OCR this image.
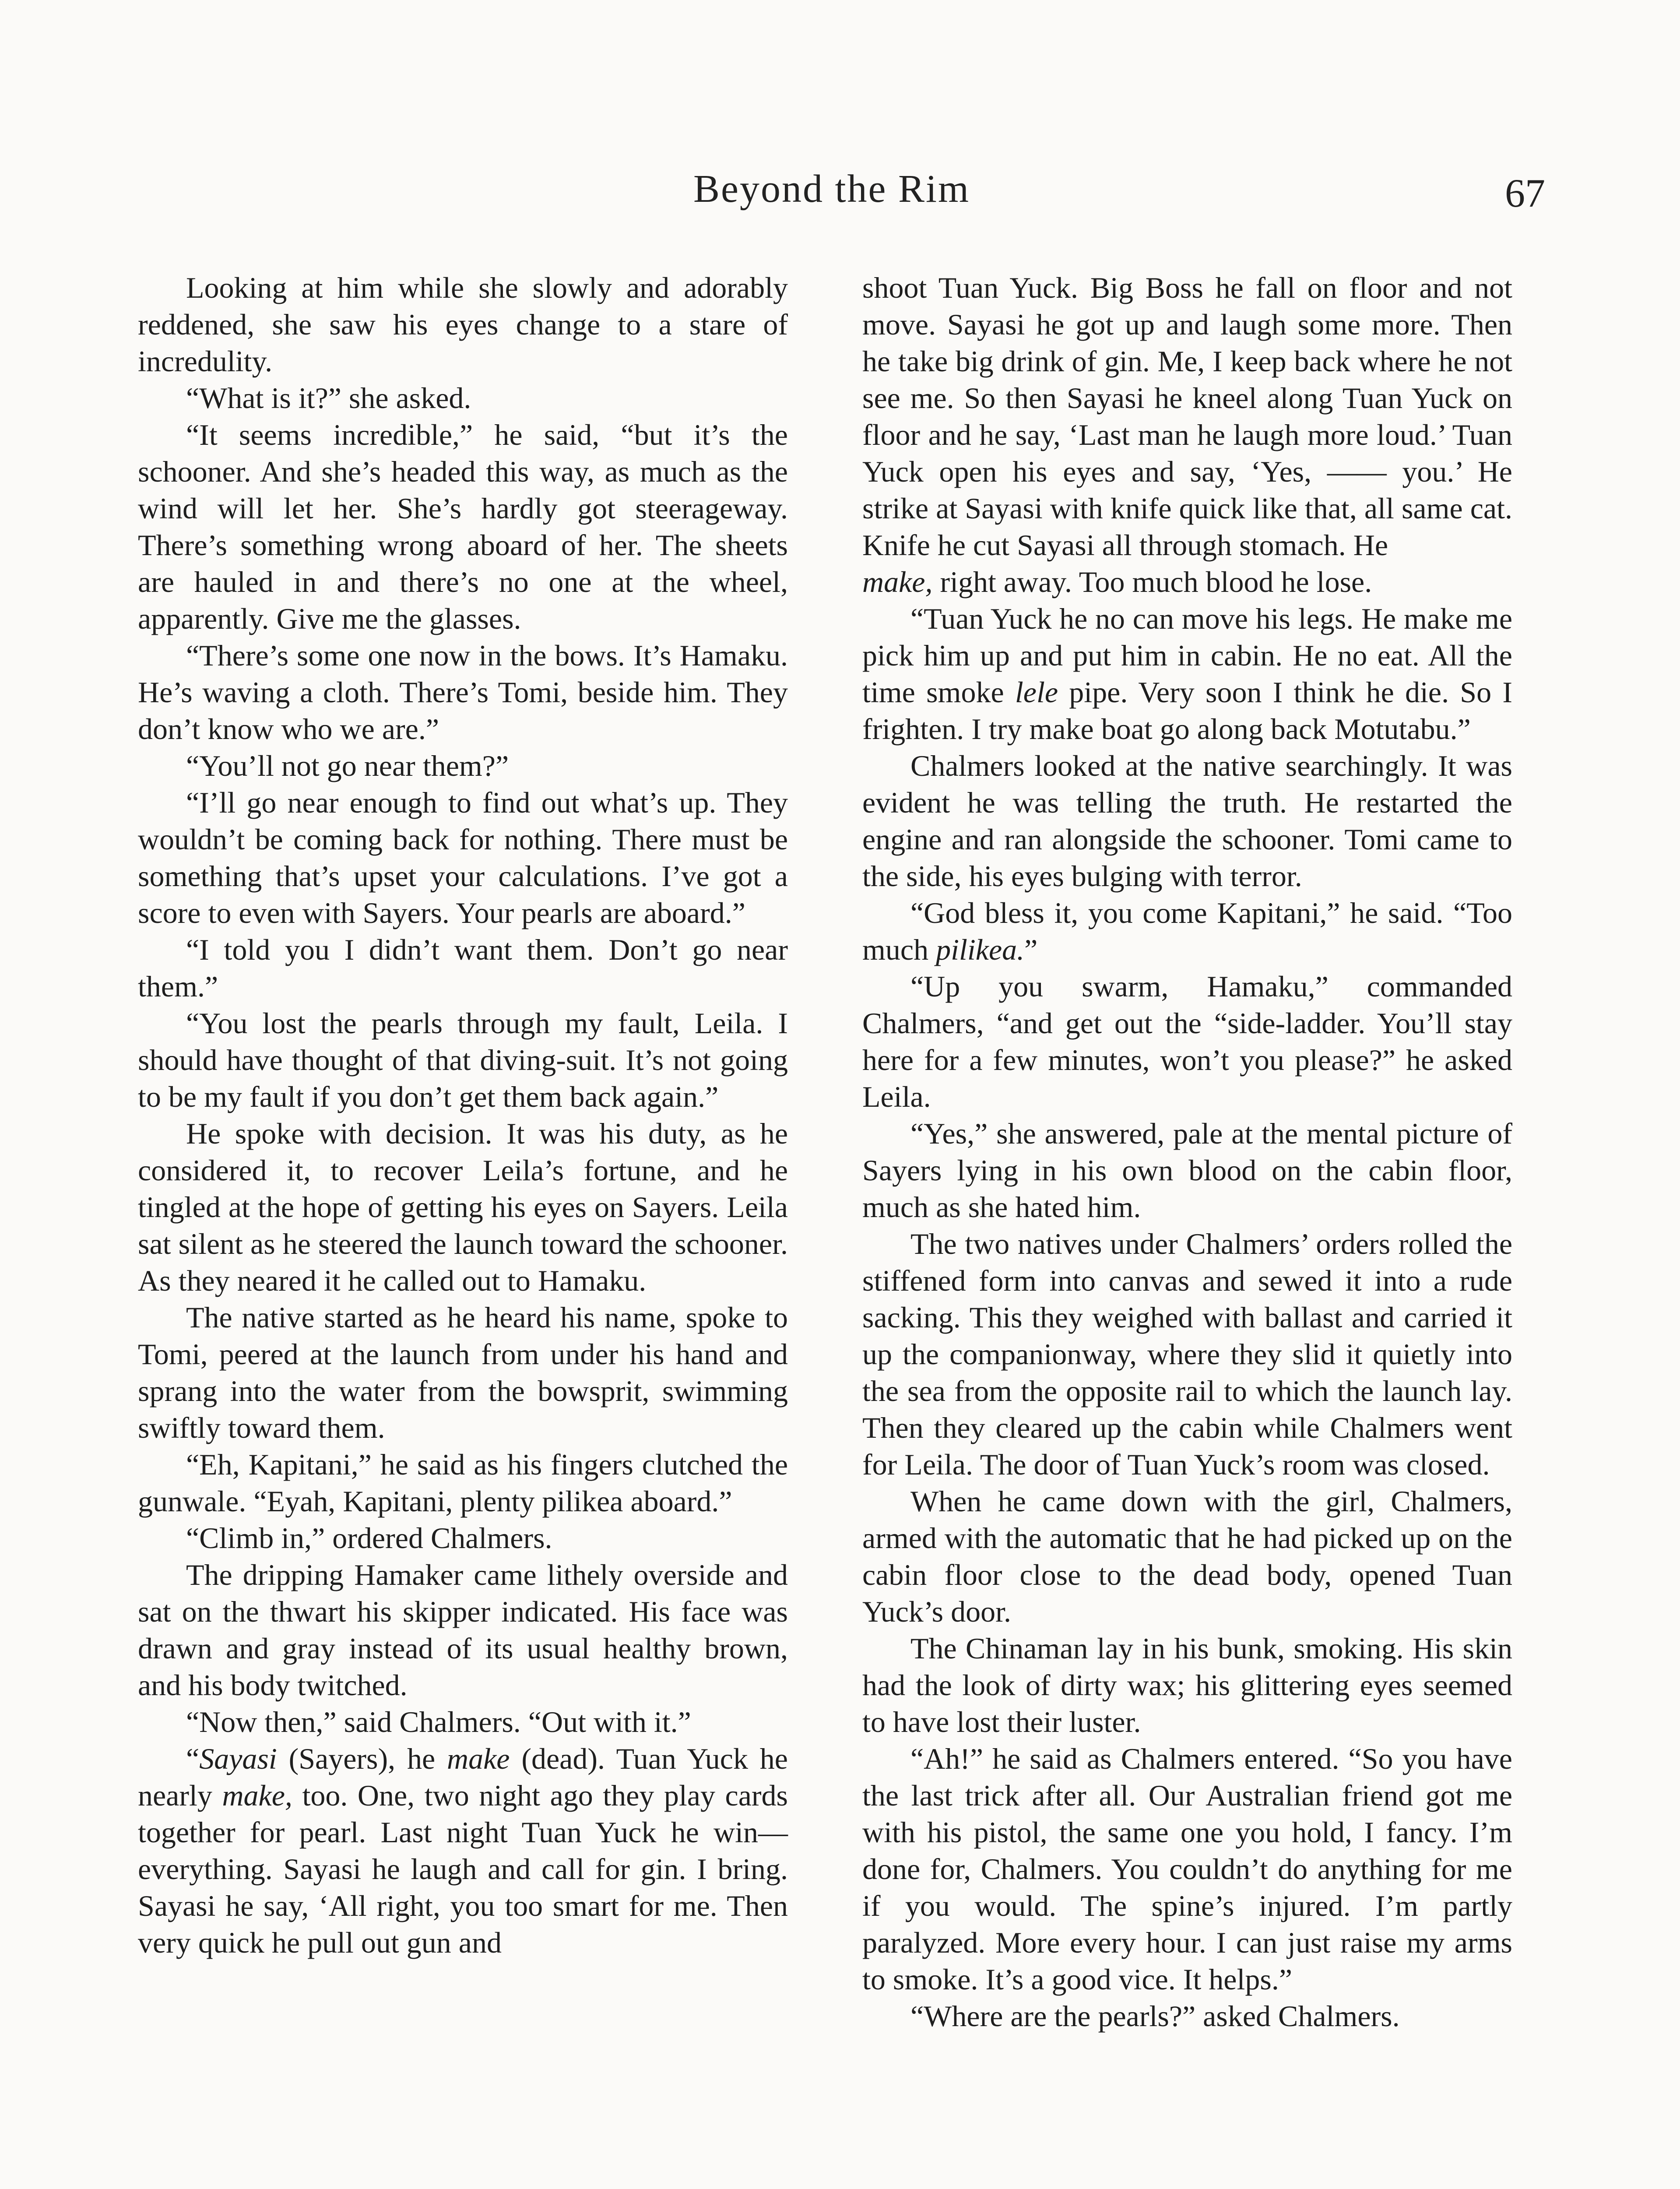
Beyond the Rim	67

Looking at him while she slowly and adorably reddened, she saw his eyes change to a stare of incredulity.

“What is it?” she asked.

“It seems incredible,” he said, “but it’s the schooner. And she’s headed this way, as much as the wind will let her. She’s hardly got steerageway. There’s something wrong aboard of her. The sheets are hauled in and there’s no one at the wheel, apparently. Give me the glasses.

“There’s some one now in the bows. It’s Hamaku. He’s waving a cloth. There’s Tomi, beside him. They don’t know who we are.”

“You’ll not go near them?”

“I’ll go near enough to find out what’s up. They wouldn’t be coming back for nothing. There must be something that’s upset your calculations. I’ve got a score to even with Sayers. Your pearls are aboard.”

“I told you I didn’t want them. Don’t go near them.”

“You lost the pearls through my fault, Leila. I should have thought of that diving-suit. It’s not going to be my fault if you don’t get them back again.”

He spoke with decision. It was his duty, as he considered it, to recover Leila’s fortune, and he tingled at the hope of getting his eyes on Sayers. Leila sat silent as he steered the launch toward the schooner. As they neared it he called out to Hamaku.

The native started as he heard his name, spoke to Tomi, peered at the launch from under his hand and sprang into the water from the bowsprit, swimming swiftly toward them.

“Eh, Kapitani,” he said as his fingers clutched the gunwale. “Eyah, Kapitani, plenty pilikea aboard.”

“Climb in,” ordered Chalmers.

The dripping Hamaker came lithely overside and sat on the thwart his skipper indicated. His face was drawn and gray instead of its usual healthy brown, and his body twitched.

“Now then,” said Chalmers. “Out with it.”

“Sayasi (Sayers), he make (dead). Tuan Yuck he nearly make, too. One, two night ago they play cards together for pearl. Last night Tuan Yuck he win—everything. Sayasi he laugh and call for gin. I bring. Sayasi he say, ‘All right, you too smart for me. Then very quick he pull out gun and

shoot Tuan Yuck. Big Boss he fall on floor and not move. Sayasi he got up and laugh some more. Then he take big drink of gin. Me, I keep back where he not see me. So then Sayasi he kneel along Tuan Yuck on floor and he say, ‘Last man he laugh more loud.’ Tuan Yuck open his eyes and say, ‘Yes, —— you.’ He strike at Sayasi with knife quick like that, all same cat. Knife he cut Sayasi all through stomach. He

make, right away. Too much blood he lose.

“Tuan Yuck he no can move his legs. He make me pick him up and put him in cabin. He no eat. All the time smoke lele pipe. Very soon I think he die. So I frighten. I try make boat go along back Motutabu.”

Chalmers looked at the native searchingly. It was evident he was telling the truth. He restarted the engine and ran alongside the schooner. Tomi came to the side, his eyes bulging with terror.

“God bless it, you come Kapitani,” he said. “Too much pilikea.”

“Up you swarm, Hamaku,” commanded Chalmers, “and get out the “side-ladder. You’ll stay here for a few minutes, won’t you please?” he asked Leila.

“Yes,” she answered, pale at the mental picture of Sayers lying in his own blood on the cabin floor, much as she hated him.

The two natives under Chalmers’ orders rolled the stiffened form into canvas and sewed it into a rude sacking. This they weighed with ballast and carried it up the companionway, where they slid it quietly into the sea from the opposite rail to which the launch lay. Then they cleared up the cabin while Chalmers went for Leila. The door of Tuan Yuck’s room was closed.

When he came down with the girl, Chalmers, armed with the automatic that he had picked up on the cabin floor close to the dead body, opened Tuan Yuck’s door.

The Chinaman lay in his bunk, smoking. His skin had the look of dirty wax; his glittering eyes seemed to have lost their luster.

“Ah!” he said as Chalmers entered. “So you have the last trick after all. Our Australian friend got me with his pistol, the same one you hold, I fancy. I’m done for, Chalmers. You couldn’t do anything for me if you would. The spine’s injured. I’m partly paralyzed. More every hour. I can just raise my arms to smoke. It’s a good vice. It helps.”

“Where are the pearls?” asked Chalmers.
